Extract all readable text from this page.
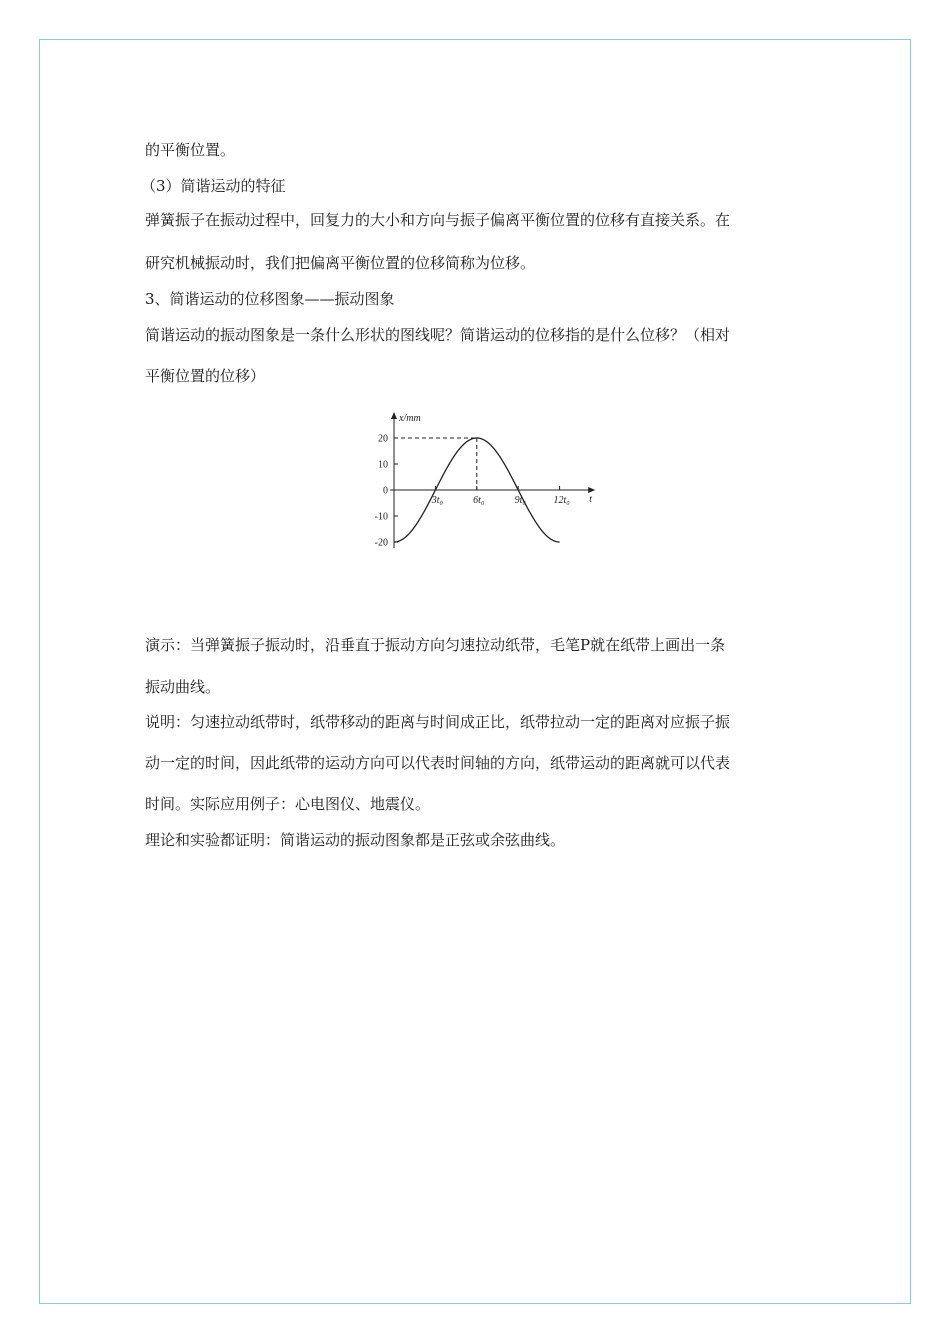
的平衡位置。
（3）简谐运动的特征
弹簧振子在振动过程中，回复力的大小和方向与振子偏离平衡位置的位移有直接关系。在
研究机械振动时，我们把偏离平衡位置的位移简称为位移。
3、简谐运动的位移图象——振动图象
简谐运动的振动图象是一条什么形状的图线呢？简谐运动的位移指的是什么位移？（相对
平衡位置的位移）
20
10
0
-10
-20
3t₀	6t₀	9t₀	12t₀
x/mm
t
演示：当弹簧振子振动时，沿垂直于振动方向匀速拉动纸带，毛笔P就在纸带上画出一条
振动曲线。
说明：匀速拉动纸带时，纸带移动的距离与时间成正比，纸带拉动一定的距离对应振子振
动一定的时间，因此纸带的运动方向可以代表时间轴的方向，纸带运动的距离就可以代表
时间。实际应用例子：心电图仪、地震仪。
理论和实验都证明：简谐运动的振动图象都是正弦或余弦曲线。
